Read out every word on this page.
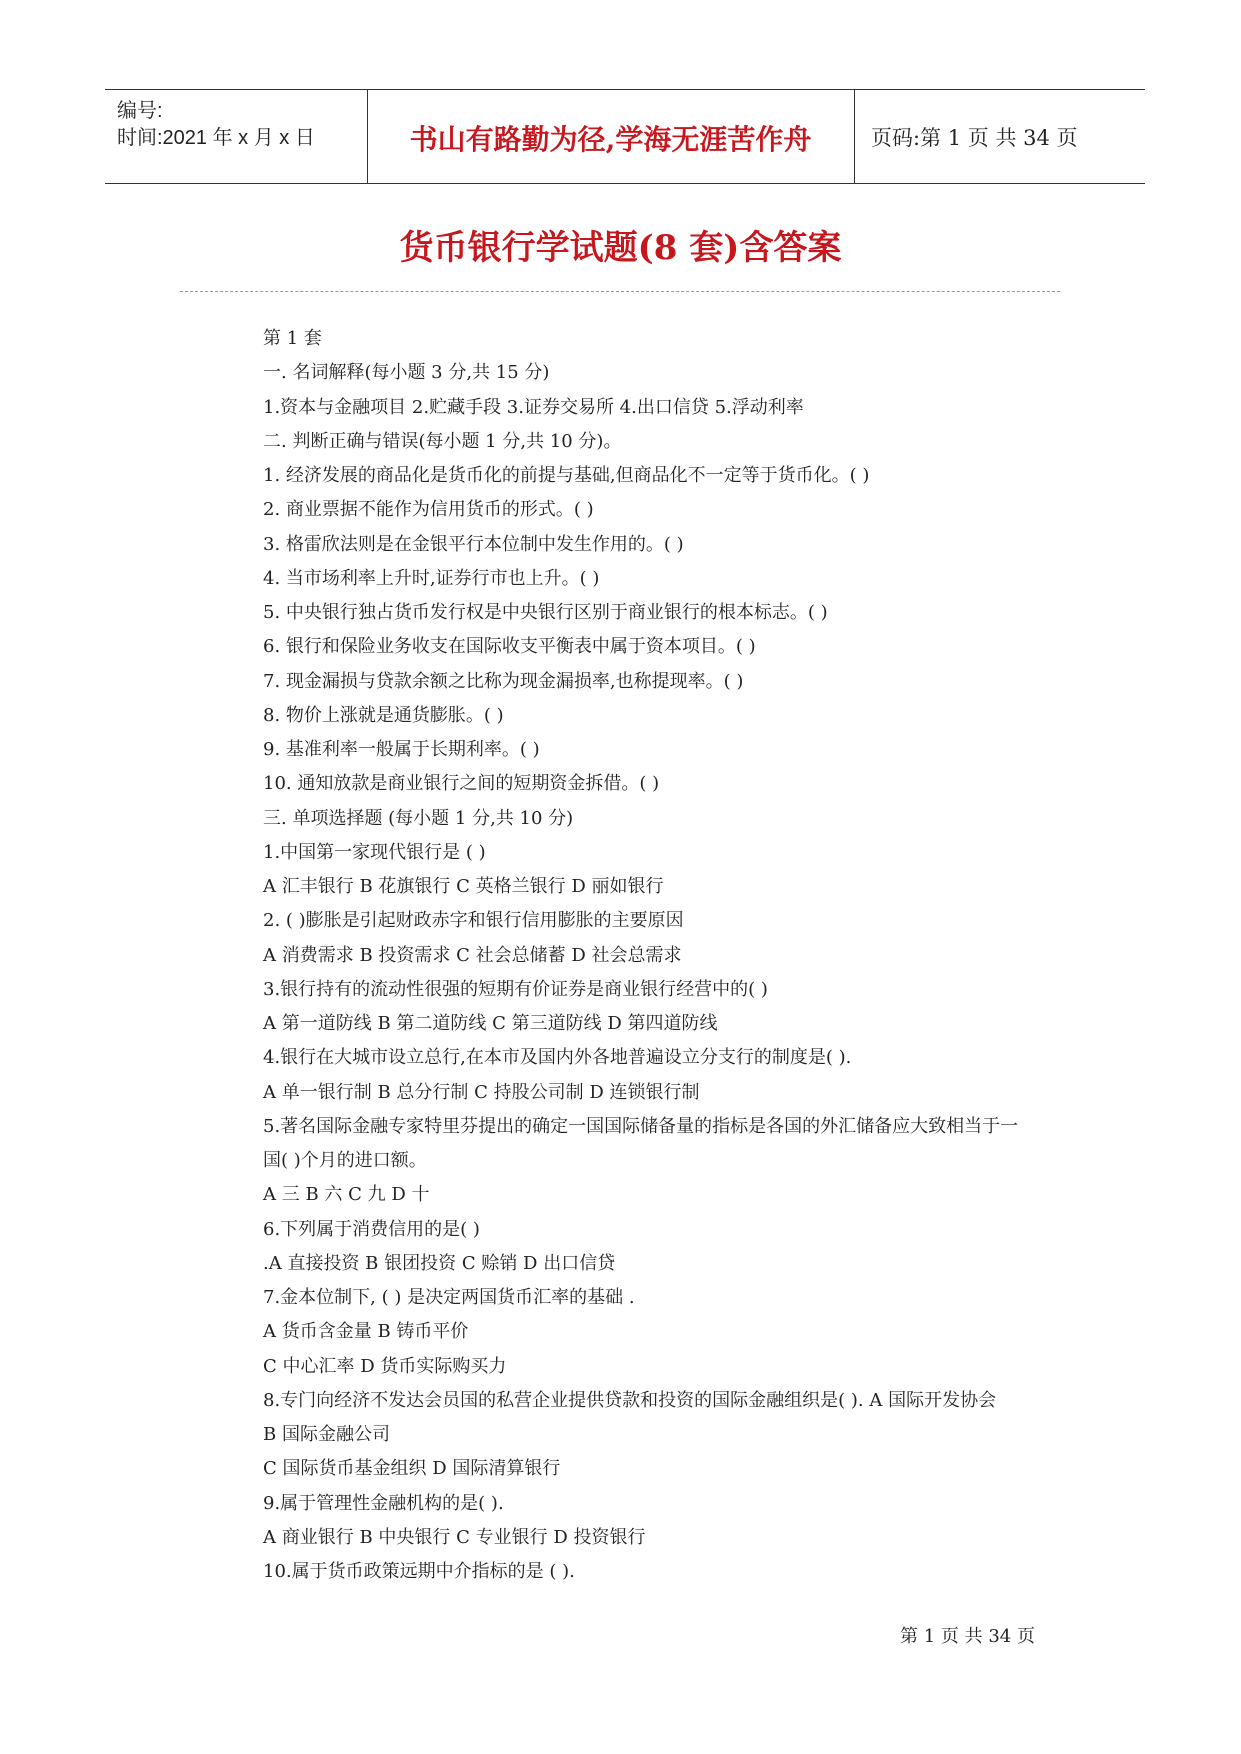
编号:
时间:2021 年 x 月 x 日	书山有路勤为径,学海无涯苦作舟	页码:第 1 页 共 34 页
货币银行学试题(8 套)含答案
第 1 套
一. 名词解释(每小题 3 分,共 15 分)
1.资本与金融项目 2.贮藏手段 3.证券交易所 4.出口信贷 5.浮动利率
二. 判断正确与错误(每小题 1 分,共 10 分)。
1. 经济发展的商品化是货币化的前提与基础,但商品化不一定等于货币化。( )
2. 商业票据不能作为信用货币的形式。( )
3. 格雷欣法则是在金银平行本位制中发生作用的。( )
4. 当市场利率上升时,证券行市也上升。( )
5. 中央银行独占货币发行权是中央银行区别于商业银行的根本标志。( )
6. 银行和保险业务收支在国际收支平衡表中属于资本项目。( )
7. 现金漏损与贷款余额之比称为现金漏损率,也称提现率。( )
8. 物价上涨就是通货膨胀。( )
9. 基准利率一般属于长期利率。( )
10. 通知放款是商业银行之间的短期资金拆借。( )
三. 单项选择题 (每小题 1 分,共 10 分)
1.中国第一家现代银行是 ( )
A 汇丰银行 B 花旗银行 C 英格兰银行 D 丽如银行
2. ( )膨胀是引起财政赤字和银行信用膨胀的主要原因
A 消费需求 B 投资需求 C 社会总储蓄 D 社会总需求
3.银行持有的流动性很强的短期有价证券是商业银行经营中的( )
A 第一道防线 B 第二道防线 C 第三道防线 D 第四道防线
4.银行在大城市设立总行,在本市及国内外各地普遍设立分支行的制度是( ).
A 单一银行制 B 总分行制 C 持股公司制 D 连锁银行制
5.著名国际金融专家特里芬提出的确定一国国际储备量的指标是各国的外汇储备应大致相当于一
国( )个月的进口额。
A 三 B 六 C 九 D 十
6.下列属于消费信用的是( )
.A 直接投资 B 银团投资 C 赊销 D 出口信贷
7.金本位制下, ( ) 是决定两国货币汇率的基础 .
A 货币含金量 B 铸币平价
C 中心汇率 D 货币实际购买力
8.专门向经济不发达会员国的私营企业提供贷款和投资的国际金融组织是( ). A 国际开发协会
B 国际金融公司
C 国际货币基金组织 D 国际清算银行
9.属于管理性金融机构的是( ).
A 商业银行 B 中央银行 C 专业银行 D 投资银行
10.属于货币政策远期中介指标的是 ( ).
第 1 页 共 34 页
